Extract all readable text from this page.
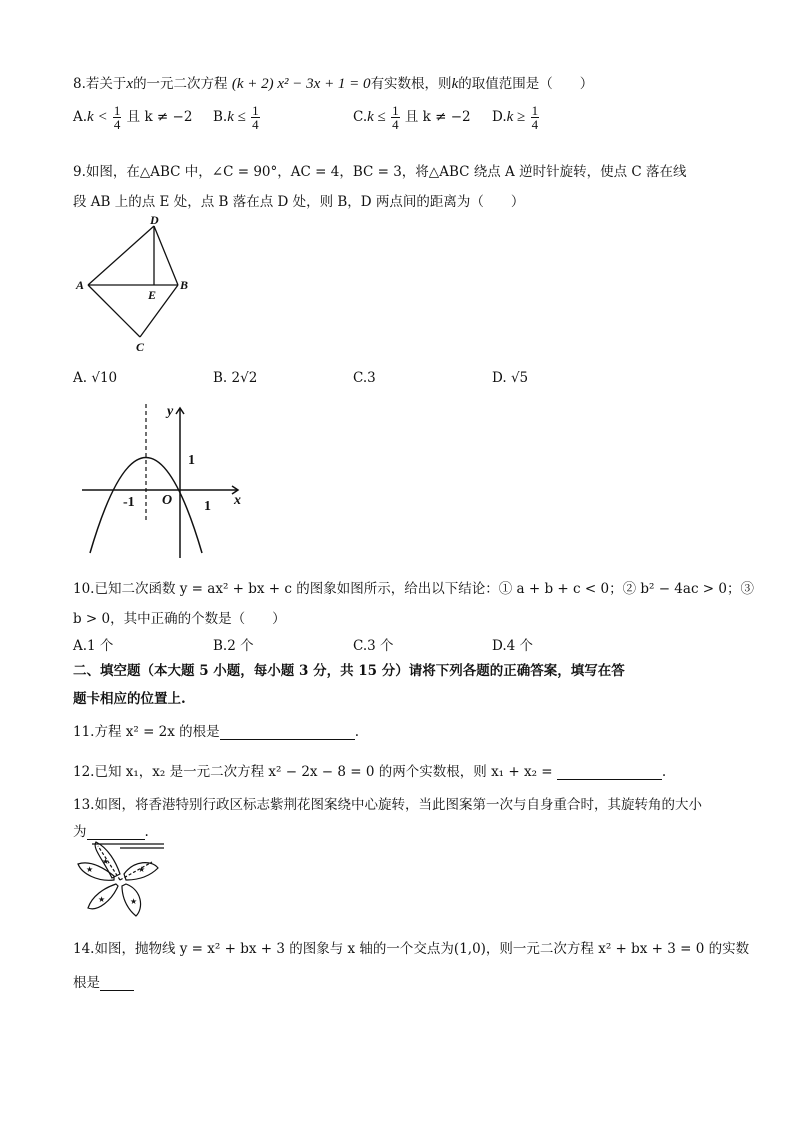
8.若关于x的一元二次方程 (k + 2) x² − 3x + 1 = 0有实数根，则k的取值范围是（　　）
$A.k < \frac{1}{4}$ 且 k ≠ −2 $B.k \le \frac{1}{4}$	$C.k \le \frac{1}{4}$ 且 k ≠ −2 $D.k \ge \frac{1}{4}$
9.如图，在△ABC 中，∠C = 90°，AC = 4，BC = 3，将△ABC 绕点 A 逆时针旋转，使点 C 落在线
段 AB 上的点 E 处，点 B 落在点 D 处，则 B，D 两点间的距离为（　　）
D
A	B
E
C
A. √10	B. 2√2	C.3	D. √5
y
1
-1 O 1 x
10.已知二次函数 y = ax² + bx + c 的图象如图所示，给出以下结论：① a + b + c < 0；② b² − 4ac > 0；③
b > 0，其中正确的个数是（　　）
A.1 个	B.2 个	C.3 个	D.4 个
二、填空题（本大题 5 小题，每小题 3 分，共 15 分）请将下列各题的正确答案，填写在答
题卡相应的位置上.
11.方程 x² = 2x 的根是	.
12.已知 x₁，x₂ 是一元二次方程 x² − 2x − 8 = 0 的两个实数根，则 x₁ + x₂ =	.
13.如图，将香港特别行政区标志紫荆花图案绕中心旋转，当此图案第一次与自身重合时，其旋转角的大小
为	.
★
★
★
★
★
14.如图，抛物线 y = x² + bx + 3 的图象与 x 轴的一个交点为(1,0)，则一元二次方程 x² + bx + 3 = 0 的实数
根是
